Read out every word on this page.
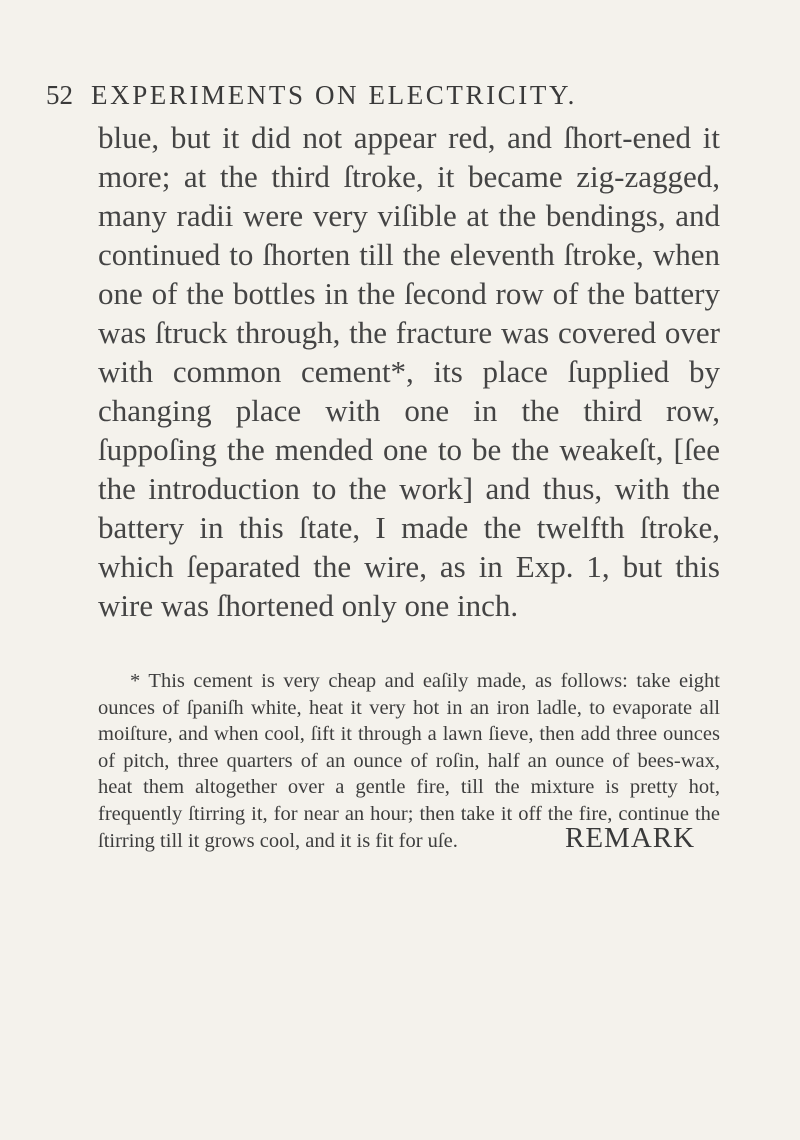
52 EXPERIMENTS ON ELECTRICITY.

blue, but it did not appear red, and ſhort-ened it more; at the third ſtroke, it became zig-zagged, many radii were very viſible at the bendings, and continued to ſhorten till the eleventh ſtroke, when one of the bottles in the ſecond row of the battery was ſtruck through, the fracture was covered over with common cement*, its place ſupplied by changing place with one in the third row, ſuppoſing the mended one to be the weakeſt, [ſee the introduction to the work] and thus, with the battery in this ſtate, I made the twelfth ſtroke, which ſeparated the wire, as in Exp. 1, but this wire was ſhortened only one inch.

* This cement is very cheap and eaſily made, as follows: take eight ounces of ſpaniſh white, heat it very hot in an iron ladle, to evaporate all moiſture, and when cool, ſift it through a lawn ſieve, then add three ounces of pitch, three quarters of an ounce of roſin, half an ounce of bees-wax, heat them altogether over a gentle fire, till the mixture is pretty hot, frequently ſtirring it, for near an hour; then take it off the fire, continue the ſtirring till it grows cool, and it is fit for uſe.	REMARK
